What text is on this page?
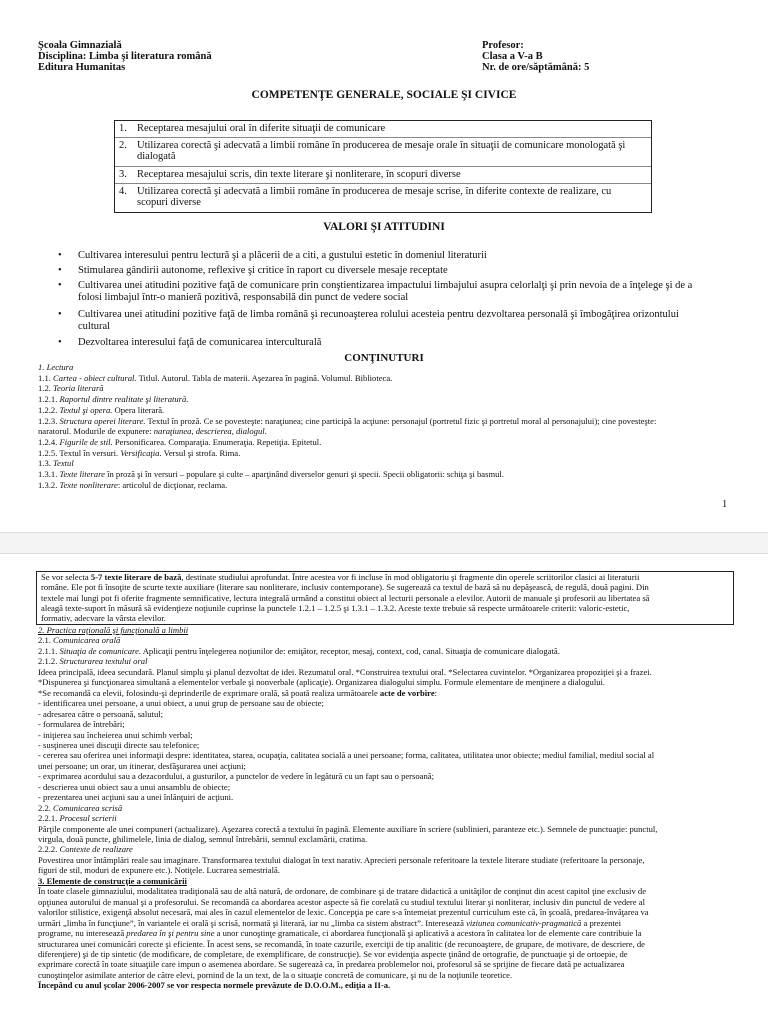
Şcoala Gimnazială
Disciplina: Limba şi literatura română
Editura Humanitas
Profesor:
Clasa a V-a B
Nr. de ore/săptămână: 5
COMPETENŢE GENERALE, SOCIALE ŞI CIVICE
1. Receptarea mesajului oral în diferite situaţii de comunicare
2. Utilizarea corectă şi adecvată a limbii române în producerea de mesaje orale în situaţii de comunicare monologată şi
dialogată
3. Receptarea mesajului scris, din texte literare şi nonliterare, în scopuri diverse
4. Utilizarea corectă şi adecvată a limbii române în producerea de mesaje scrise, în diferite contexte de realizare, cu
scopuri diverse
VALORI ŞI ATITUDINI
•	Cultivarea interesului pentru lectură şi a plăcerii de a citi, a gustului estetic în domeniul literaturii
•	Stimularea gândirii autonome, reflexive şi critice în raport cu diversele mesaje receptate
•	Cultivarea unei atitudini pozitive faţă de comunicare prin conştientizarea impactului limbajului asupra celorlalţi şi prin nevoia de a înţelege şi de a
folosi limbajul într-o manieră pozitivă, responsabilă din punct de vedere social
•	Cultivarea unei atitudini pozitive faţă de limba română şi recunoaşterea rolului acesteia pentru dezvoltarea personală şi îmbogăţirea orizontului
cultural
•	Dezvoltarea interesului faţă de comunicarea interculturală
CONŢINUTURI
1. Lectura
1.1. Cartea - obiect cultural. Titlul. Autorul. Tabla de materii. Aşezarea în pagină. Volumul. Biblioteca.
1.2. Teoria literară
1.2.1. Raportul dintre realitate şi literatură.
1.2.2. Textul şi opera. Opera literară.
1.2.3. Structura operei literare. Textul în proză. Ce se povesteşte: naraţiunea; cine participă la acţiune: personajul (portretul fizic şi portretul moral al personajului); cine povesteşte:
naratorul. Modurile de expunere: naraţiunea, descrierea, dialogul.
1.2.4. Figurile de stil. Personificarea. Comparaţia. Enumeraţia. Repetiţia. Epitetul.
1.2.5. Textul în versuri. Versificaţia. Versul şi strofa. Rima.
1.3. Textul
1.3.1. Texte literare în proză şi în versuri – populare şi culte – aparţinând diverselor genuri şi specii. Specii obligatorii: schiţa şi basmul.
1.3.2. Texte nonliterare: articolul de dicţionar, reclama.
1
Se vor selecta 5-7 texte literare de bază, destinate studiului aprofundat. Între acestea vor fi incluse în mod obligatoriu şi fragmente din operele scriitorilor clasici ai literaturii
române. Ele pot fi însoţite de scurte texte auxiliare (literare sau nonliterare, inclusiv contemporane). Se sugerează ca textul de bază să nu depăşească, de regulă, două pagini. Din
textele mai lungi pot fi oferite fragmente semnificative, lectura integrală urmând a constitui obiect al lecturii personale a elevilor. Autorii de manuale şi profesorii au libertatea să
aleagă texte-suport în măsură să evidenţieze noţiunile cuprinse la punctele 1.2.1 – 1.2.5 şi 1.3.1 – 1.3.2. Aceste texte trebuie să respecte următoarele criterii: valoric-estetic,
formativ, adecvare la vârsta elevilor.
2. Practica raţională şi funcţională a limbii
2.1. Comunicarea orală
2.1.1. Situaţia de comunicare. Aplicaţii pentru înţelegerea noţiunilor de: emiţător, receptor, mesaj, context, cod, canal. Situaţia de comunicare dialogată.
2.1.2. Structurarea textului oral
Ideea principală, ideea secundară. Planul simplu şi planul dezvoltat de idei. Rezumatul oral. *Construirea textului oral. *Selectarea cuvintelor. *Organizarea propoziţiei şi a frazei.
*Dispunerea şi funcţionarea simultană a elementelor verbale şi nonverbale (aplicaţie). Organizarea dialogului simplu. Formule elementare de menţinere a dialogului.
*Se recomandă ca elevii, folosindu-şi deprinderile de exprimare orală, să poată realiza următoarele acte de vorbire:
- identificarea unei persoane, a unui obiect, a unui grup de persoane sau de obiecte;
- adresarea către o persoană, salutul;
- formularea de întrebări;
- iniţierea sau încheierea unui schimb verbal;
- susţinerea unei discuţii directe sau telefonice;
- cererea sau oferirea unei informaţii despre: identitatea, starea, ocupaţia, calitatea socială a unei persoane; forma, calitatea, utilitatea unor obiecte; mediul familial, mediul social al
unei persoane; un orar, un itinerar, desfăşurarea unei acţiuni;
- exprimarea acordului sau a dezacordului, a gusturilor, a punctelor de vedere în legătură cu un fapt sau o persoană;
- descrierea unui obiect sau a unui ansamblu de obiecte;
- prezentarea unei acţiuni sau a unei înlănţuiri de acţiuni.
2.2. Comunicarea scrisă
2.2.1. Procesul scrierii
Părţile componente ale unei compuneri (actualizare). Aşezarea corectă a textului în pagină. Elemente auxiliare în scriere (sublinieri, paranteze etc.). Semnele de punctuaţie: punctul,
virgula, două puncte, ghilimelele, linia de dialog, semnul întrebării, semnul exclamării, cratima.
2.2.2. Contexte de realizare
Povestirea unor întâmplări reale sau imaginare. Transformarea textului dialogat în text narativ. Aprecieri personale referitoare la textele literare studiate (referitoare la personaje,
figuri de stil, moduri de expunere etc.). Notiţele. Lucrarea semestrială.
3. Elemente de construcţie a comunicării
În toate clasele gimnaziului, modalitatea tradiţională sau de altă natură, de ordonare, de combinare şi de tratare didactică a unităţilor de conţinut din acest capitol ţine exclusiv de
opţiunea autorului de manual şi a profesorului. Se recomandă ca abordarea acestor aspecte să fie corelată cu studiul textului literar şi nonliterar, inclusiv din punctul de vedere al
valorilor stilistice, exigenţă absolut necesară, mai ales în cazul elementelor de lexic. Concepţia pe care s-a întemeiat prezentul curriculum este că, în şcoală, predarea-învăţarea va
urmări „limba în funcţiune”, în variantele ei orală şi scrisă, normată şi literară, iar nu „limba ca sistem abstract”. Interesează viziunea comunicativ-pragmatică a prezentei
programe, nu interesează predarea în şi pentru sine a unor cunoştinţe gramaticale, ci abordarea funcţională şi aplicativă a acestora în calitatea lor de elemente care contribuie la
structurarea unei comunicări corecte şi eficiente. În acest sens, se recomandă, în toate cazurile, exerciţii de tip analitic (de recunoaştere, de grupare, de motivare, de descriere, de
diferenţiere) şi de tip sintetic (de modificare, de completare, de exemplificare, de construcţie). Se vor evidenţia aspecte ţinând de ortografie, de punctuaţie şi de ortoepie, de
exprimare corectă în toate situaţiile care impun o asemenea abordare. Se sugerează ca, în predarea problemelor noi, profesorul să se sprijine de fiecare dată pe actualizarea
cunoştinţelor asimilate anterior de către elevi, pornind de la un text, de la o situaţie concretă de comunicare, şi nu de la noţiunile teoretice.
Începând cu anul şcolar 2006-2007 se vor respecta normele prevăzute de D.O.O.M., ediţia a II-a.
